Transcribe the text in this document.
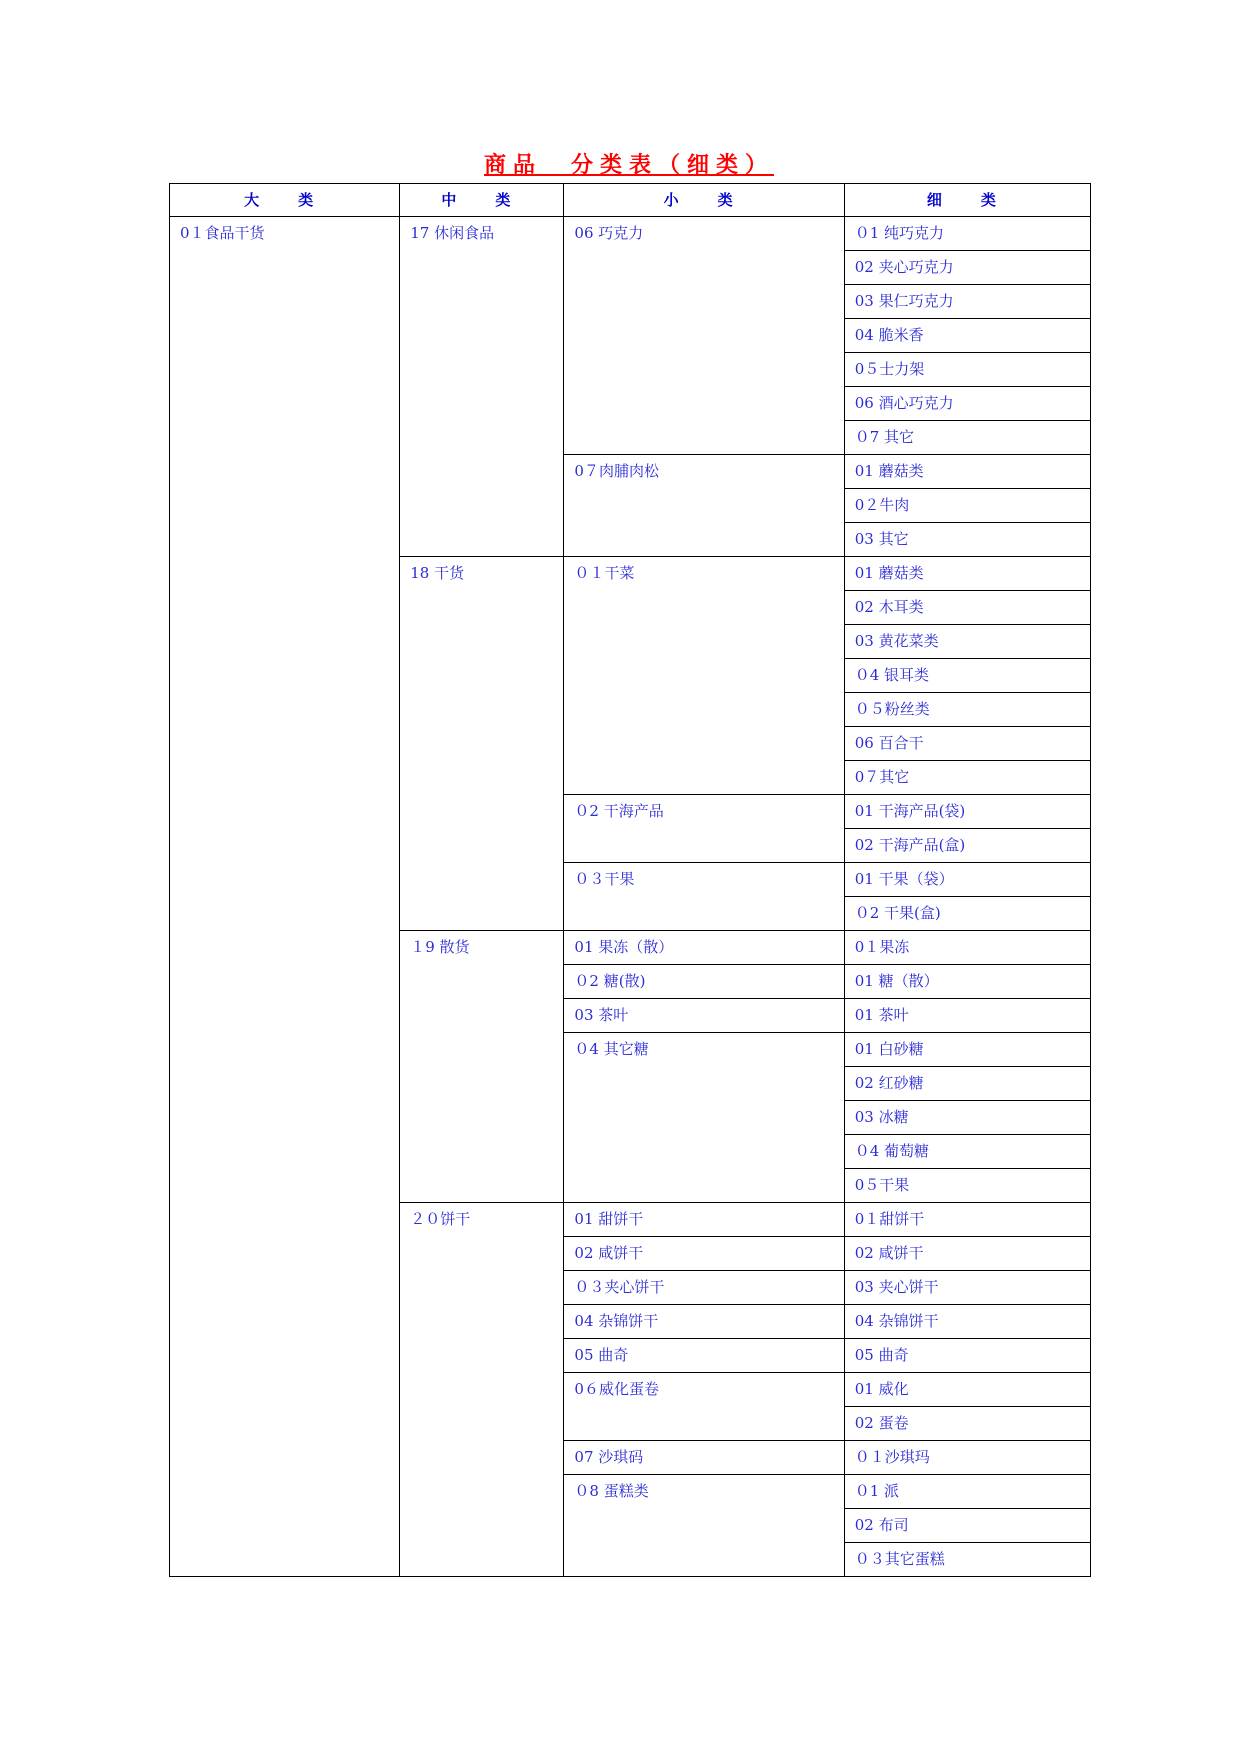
商品　分类表（细类）
大　类	中　类	小　类	细　类
0１食品干货	17 休闲食品	06 巧克力	０1 纯巧克力
			02 夹心巧克力
			03 果仁巧克力
			04 脆米香
			0５士力架
			06 酒心巧克力
			０7 其它
		0７肉脯肉松	01 蘑菇类
			0２牛肉
			03 其它
	18 干货	０１干菜	01 蘑菇类
			02 木耳类
			03 黄花菜类
			０4 银耳类
			０５粉丝类
			06 百合干
			0７其它
		０2 干海产品	01 干海产品(袋)
			02 干海产品(盒)
		０３干果	01 干果（袋）
			０2 干果(盒)
	１9 散货	01 果冻（散）	0１果冻
		０2 糖(散)	01 糖（散）
		03 茶叶	01 茶叶
		０4 其它糖	01 白砂糖
			02 红砂糖
			03 冰糖
			０4 葡萄糖
			0５干果
	２０饼干	01 甜饼干	0１甜饼干
		02 咸饼干	02 咸饼干
		０３夹心饼干	03 夹心饼干
		04 杂锦饼干	04 杂锦饼干
		05 曲奇	05 曲奇
		0６威化蛋卷	01 威化
			02 蛋卷
		07 沙琪码	０１沙琪玛
		０8 蛋糕类	０1 派
			02 布司
			０３其它蛋糕
